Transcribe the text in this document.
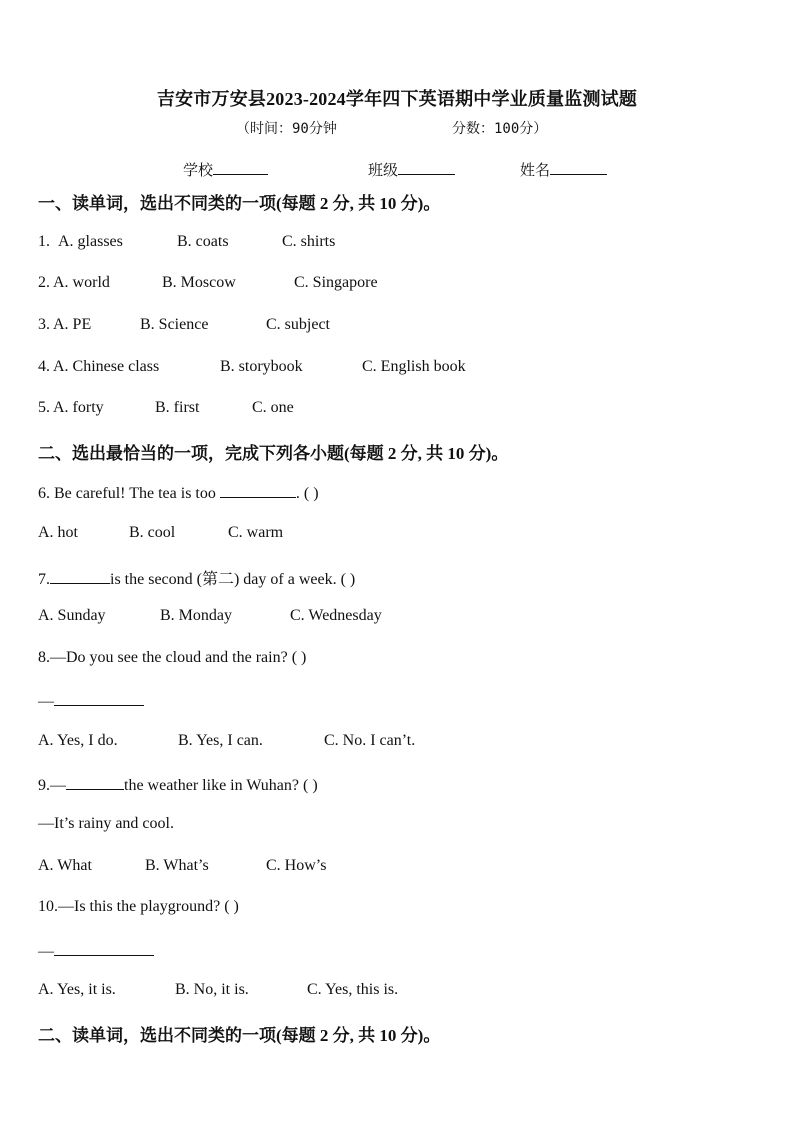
吉安市万安县2023-2024学年四下英语期中学业质量监测试题
（时间：90分钟	分数：100分）
学校	班级	姓名
一、读单词，选出不同类的一项(每题 2 分, 共 10 分)。
1. A. glasses	B. coats	C. shirts
2. A. world	B. Moscow	C. Singapore
3. A. PE	B. Science	C. subject
4. A. Chinese class	B. storybook	C. English book
5. A. forty	B. first	C. one
二、选出最恰当的一项，完成下列各小题(每题 2 分, 共 10 分)。
6. Be careful! The tea is too	. ( )
A. hot	B. cool	C. warm
7.	is the second (第二) day of a week. ( )
A. Sunday	B. Monday	C. Wednesday
8.—Do you see the cloud and the rain? ( )
—
A. Yes, I do.	B. Yes, I can.	C. No. I can’t.
9.—	the weather like in Wuhan? ( )
—It’s rainy and cool.
A. What	B. What’s	C. How’s
10.—Is this the playground? ( )
—
A. Yes, it is.	B. No, it is.	C. Yes, this is.
二、读单词，选出不同类的一项(每题 2 分, 共 10 分)。
